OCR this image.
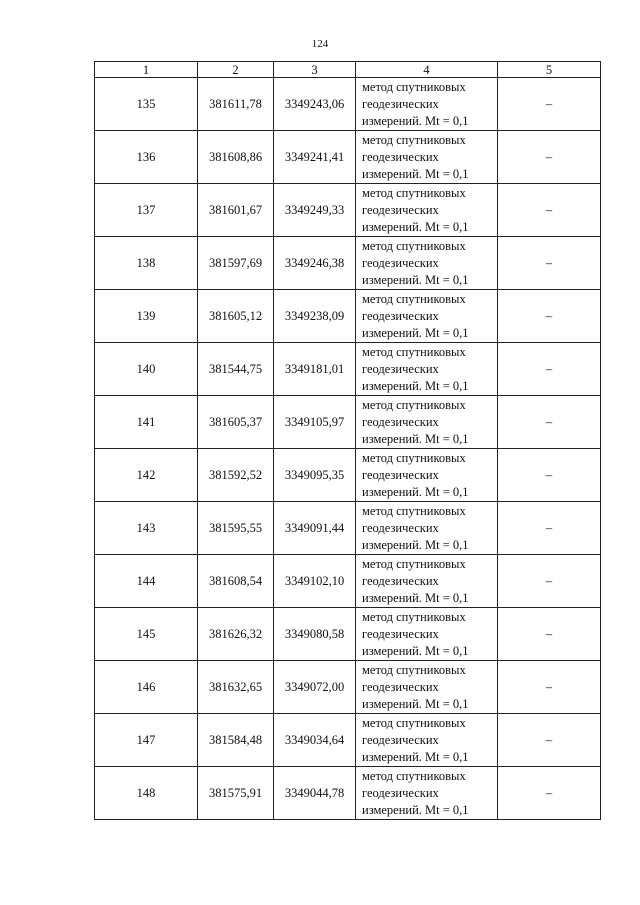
124
1	2	3	4	5
135	381611,78	3349243,06	метод спутниковых
геодезических
измерений. Mt = 0,1	–
136	381608,86	3349241,41	метод спутниковых
геодезических
измерений. Mt = 0,1	–
137	381601,67	3349249,33	метод спутниковых
геодезических
измерений. Mt = 0,1	–
138	381597,69	3349246,38	метод спутниковых
геодезических
измерений. Mt = 0,1	–
139	381605,12	3349238,09	метод спутниковых
геодезических
измерений. Mt = 0,1	–
140	381544,75	3349181,01	метод спутниковых
геодезических
измерений. Mt = 0,1	–
141	381605,37	3349105,97	метод спутниковых
геодезических
измерений. Mt = 0,1	–
142	381592,52	3349095,35	метод спутниковых
геодезических
измерений. Mt = 0,1	–
143	381595,55	3349091,44	метод спутниковых
геодезических
измерений. Mt = 0,1	–
144	381608,54	3349102,10	метод спутниковых
геодезических
измерений. Mt = 0,1	–
145	381626,32	3349080,58	метод спутниковых
геодезических
измерений. Mt = 0,1	–
146	381632,65	3349072,00	метод спутниковых
геодезических
измерений. Mt = 0,1	–
147	381584,48	3349034,64	метод спутниковых
геодезических
измерений. Mt = 0,1	–
148	381575,91	3349044,78	метод спутниковых
геодезических
измерений. Mt = 0,1	–
